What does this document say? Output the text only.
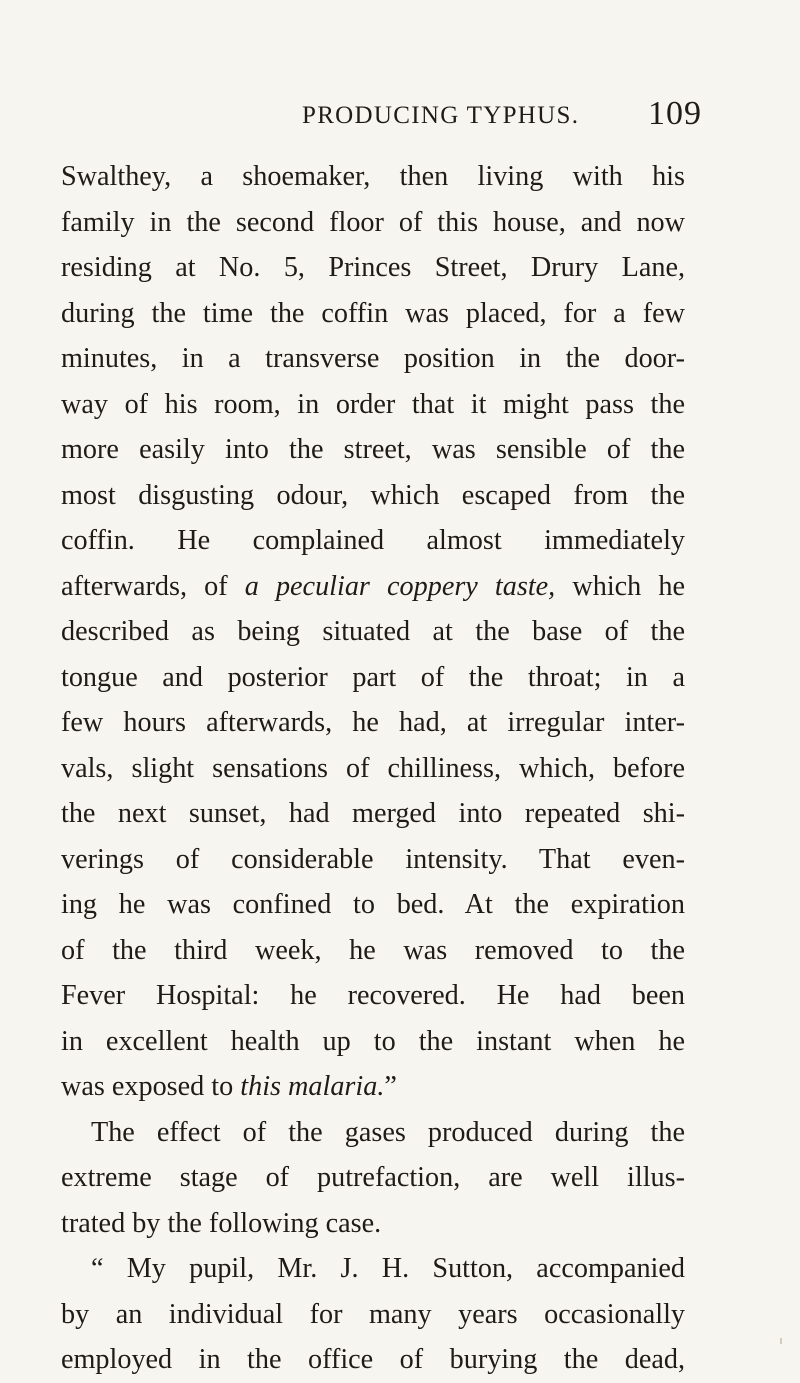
PRODUCING TYPHUS. 109
Swalthey, a shoemaker, then living with his
family in the second floor of this house, and now
residing at No. 5, Princes Street, Drury Lane,
during the time the coffin was placed, for a few
minutes, in a transverse position in the door-
way of his room, in order that it might pass the
more easily into the street, was sensible of the
most disgusting odour, which escaped from the
coffin. He complained almost immediately
afterwards, of a peculiar coppery taste, which he
described as being situated at the base of the
tongue and posterior part of the throat; in a
few hours afterwards, he had, at irregular inter-
vals, slight sensations of chilliness, which, before
the next sunset, had merged into repeated shi-
verings of considerable intensity. That even-
ing he was confined to bed. At the expiration
of the third week, he was removed to the
Fever Hospital: he recovered. He had been
in excellent health up to the instant when he
was exposed to this malaria.”
The effect of the gases produced during the
extreme stage of putrefaction, are well illus-
trated by the following case.
“ My pupil, Mr. J. H. Sutton, accompanied
by an individual for many years occasionally
employed in the office of burying the dead,
